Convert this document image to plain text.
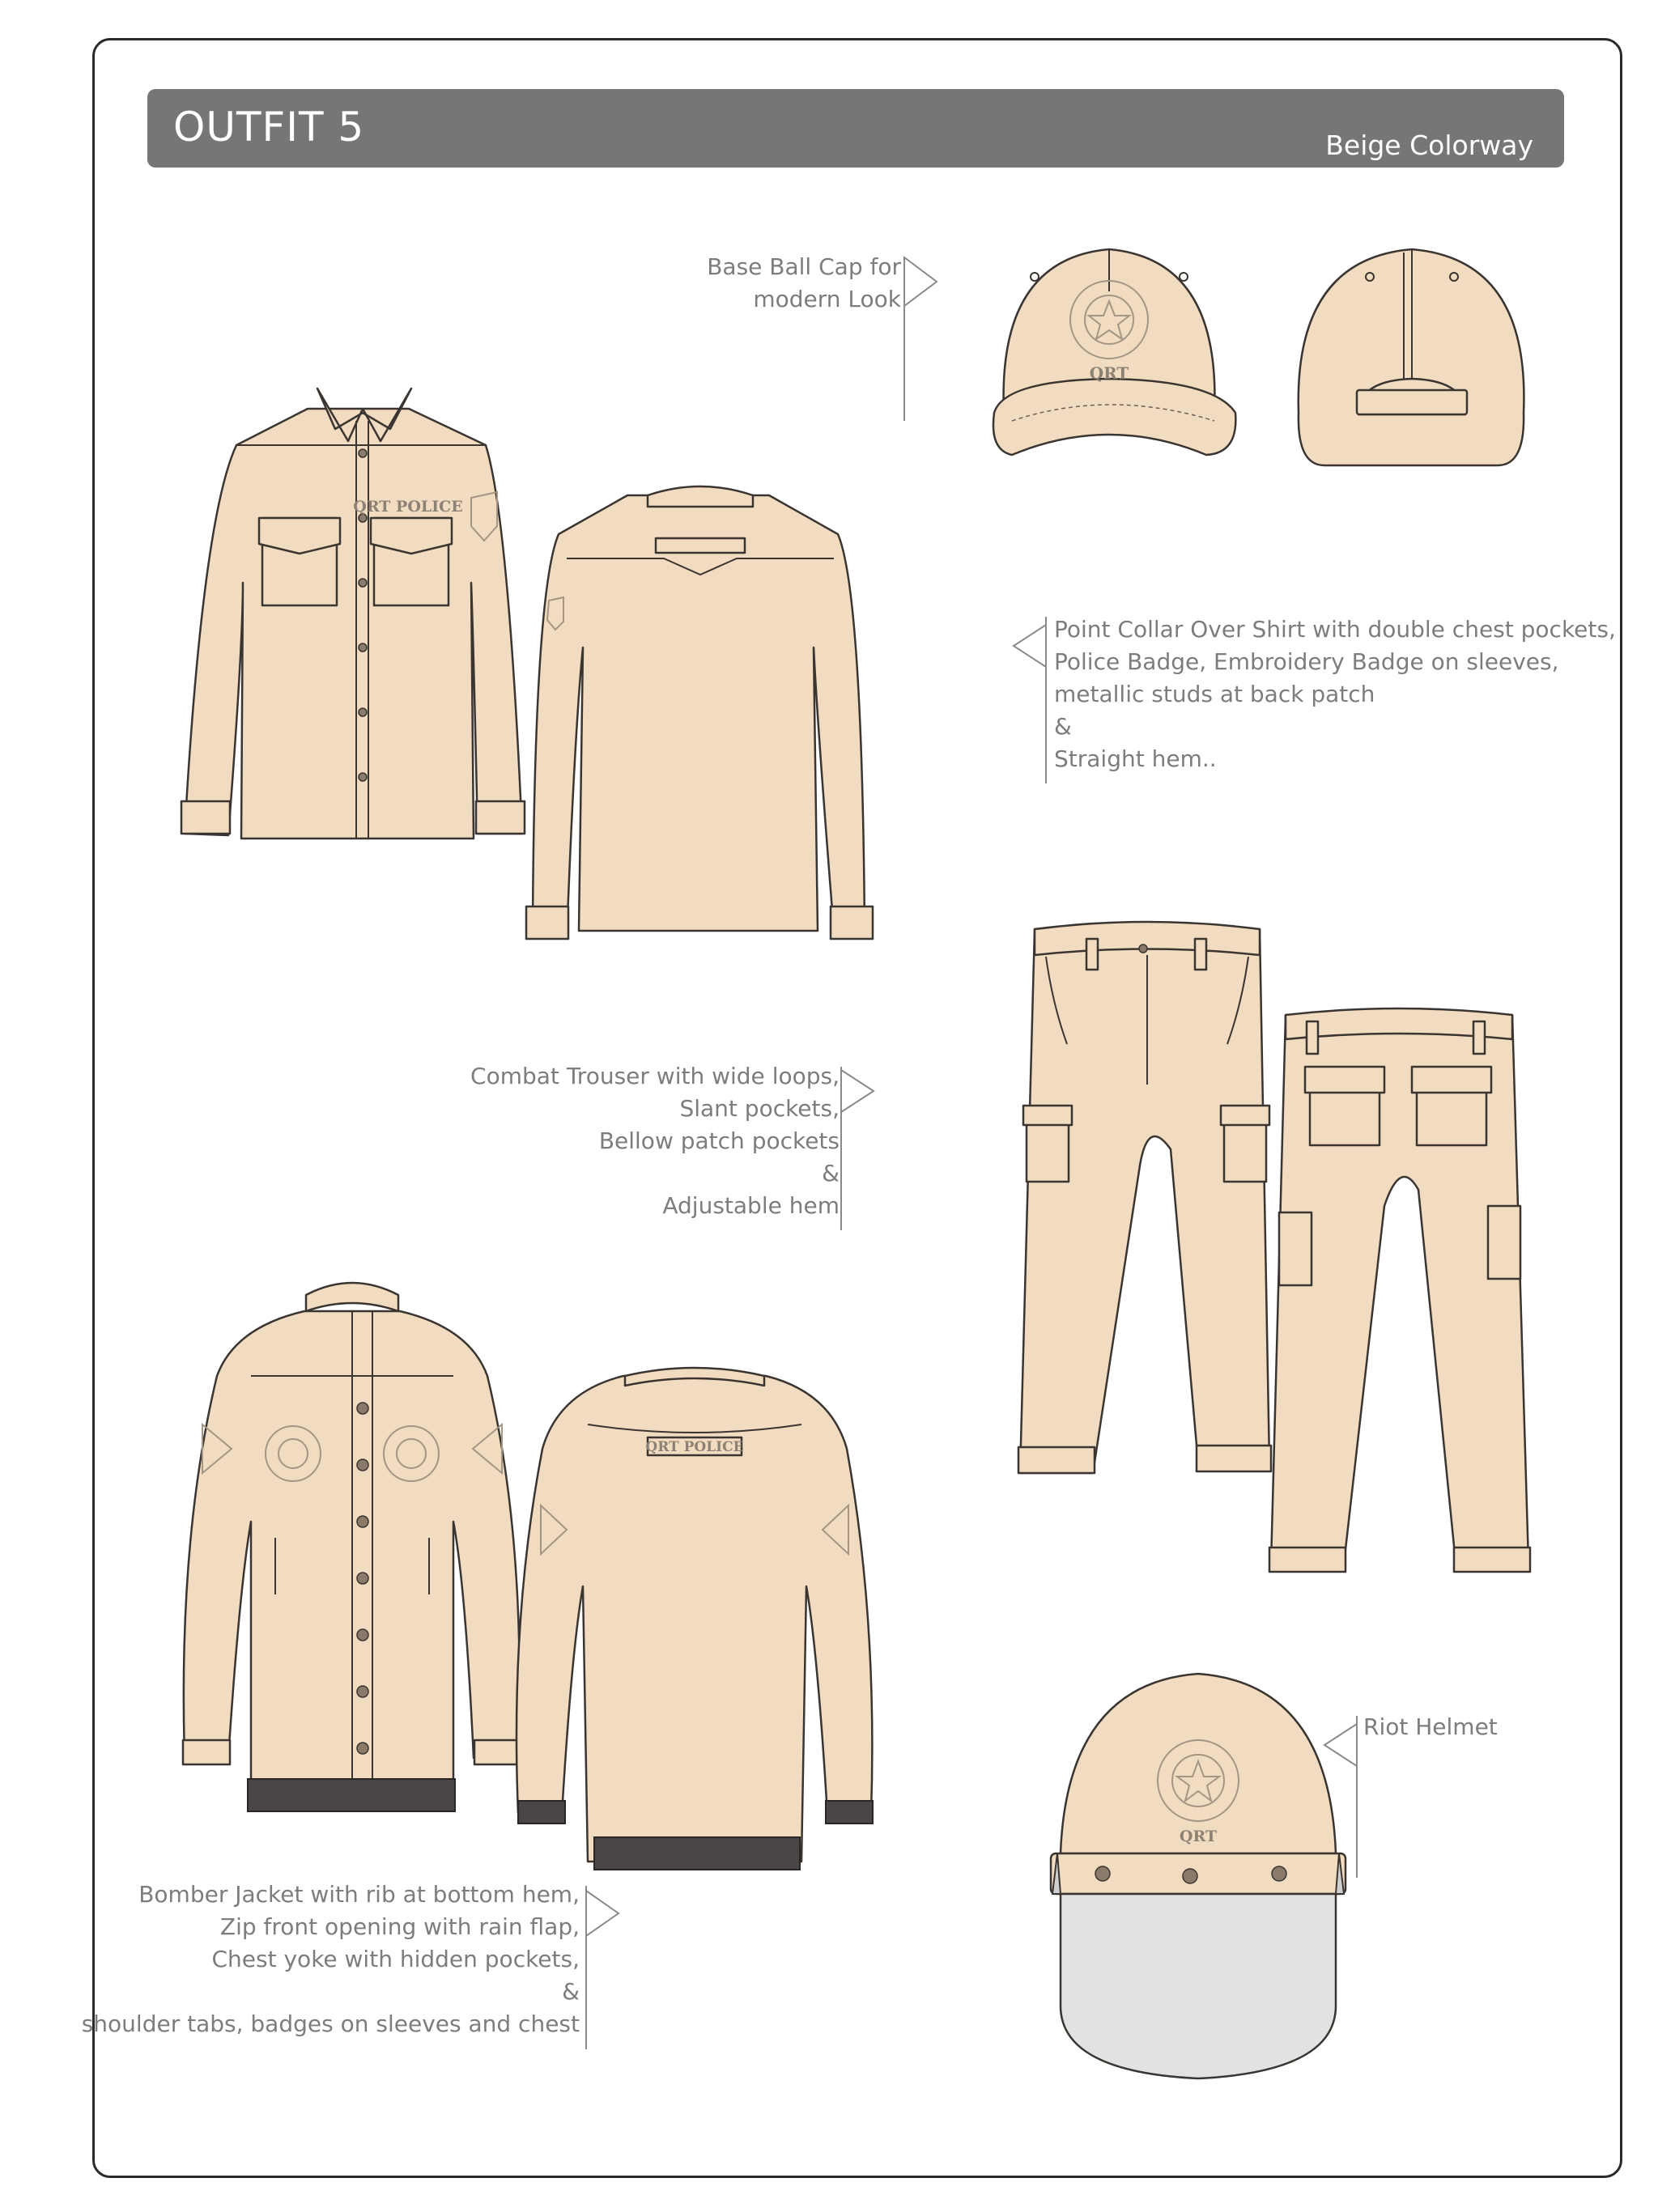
OUTFIT 5	Beige Colorway
Base Ball Cap for
modern Look
Point Collar Over Shirt with double chest pockets,
Police Badge, Embroidery Badge on sleeves,
metallic studs at back patch
&
Straight hem..
Combat Trouser with wide loops,
Slant pockets,
Bellow patch pockets
&
Adjustable hem
Riot Helmet
Bomber Jacket with rib at bottom hem,
Zip front opening with rain flap,
Chest yoke with hidden pockets,
&
shoulder tabs, badges on sleeves and chest
QRT
QRT POLICE
QRT POLICE
QRT
